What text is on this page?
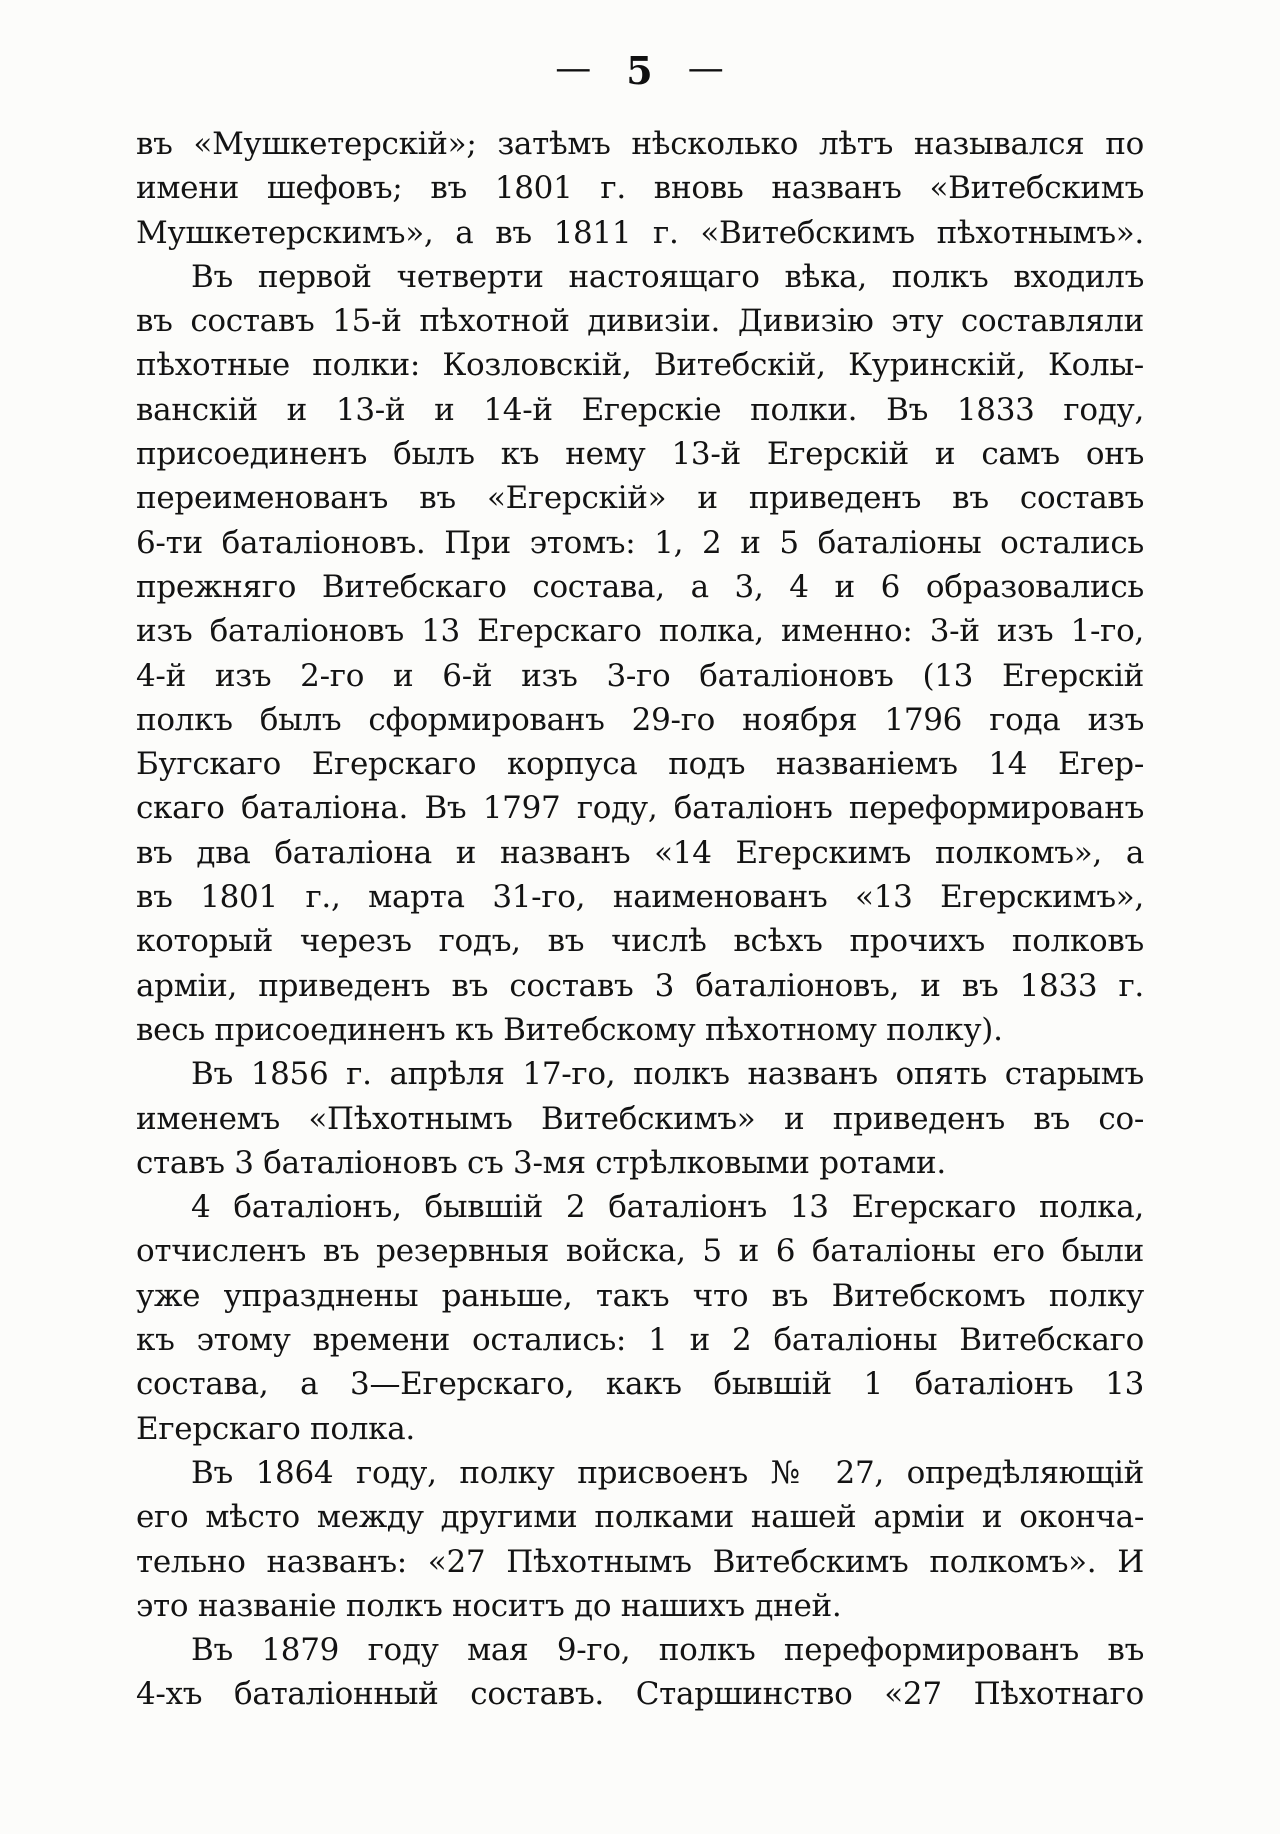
— 5 —
въ «Мушкетерскій»; затѣмъ нѣсколько лѣтъ назывался по
имени шефовъ; въ 1801 г. вновь названъ «Витебскимъ
Мушкетерскимъ», а въ 1811 г. «Витебскимъ пѣхотнымъ».
Въ первой четверти настоящаго вѣка, полкъ входилъ
въ составъ 15-й пѣхотной дивизіи. Дивизію эту составляли
пѣхотные полки: Козловскій, Витебскій, Куринскій, Колы-
ванскій и 13-й и 14-й Егерскіе полки. Въ 1833 году,
присоединенъ былъ къ нему 13-й Егерскій и самъ онъ
переименованъ въ «Егерскій» и приведенъ въ составъ
6-ти баталіоновъ. При этомъ: 1, 2 и 5 баталіоны остались
прежняго Витебскаго состава, а 3, 4 и 6 образовались
изъ баталіоновъ 13 Егерскаго полка, именно: 3-й изъ 1-го,
4-й изъ 2-го и 6-й изъ 3-го баталіоновъ (13 Егерскій
полкъ былъ сформированъ 29-го ноября 1796 года изъ
Бугскаго Егерскаго корпуса подъ названіемъ 14 Егер-
скаго баталіона. Въ 1797 году, баталіонъ переформированъ
въ два баталіона и названъ «14 Егерскимъ полкомъ», а
въ 1801 г., марта 31-го, наименованъ «13 Егерскимъ»,
который черезъ годъ, въ числѣ всѣхъ прочихъ полковъ
арміи, приведенъ въ составъ 3 баталіоновъ, и въ 1833 г.
весь присоединенъ къ Витебскому пѣхотному полку).
Въ 1856 г. апрѣля 17-го, полкъ названъ опять старымъ
именемъ «Пѣхотнымъ Витебскимъ» и приведенъ въ со-
ставъ 3 баталіоновъ съ 3-мя стрѣлковыми ротами.
4 баталіонъ, бывшій 2 баталіонъ 13 Егерскаго полка,
отчисленъ въ резервныя войска, 5 и 6 баталіоны его были
уже упразднены раньше, такъ что въ Витебскомъ полку
къ этому времени остались: 1 и 2 баталіоны Витебскаго
состава, а 3—Егерскаго, какъ бывшій 1 баталіонъ 13
Егерскаго полка.
Въ 1864 году, полку присвоенъ № 27, опредѣляющій
его мѣсто между другими полками нашей арміи и оконча-
тельно названъ: «27 Пѣхотнымъ Витебскимъ полкомъ». И
это названіе полкъ носитъ до нашихъ дней.
Въ 1879 году мая 9-го, полкъ переформированъ въ
4-хъ баталіонный составъ. Старшинство «27 Пѣхотнаго
